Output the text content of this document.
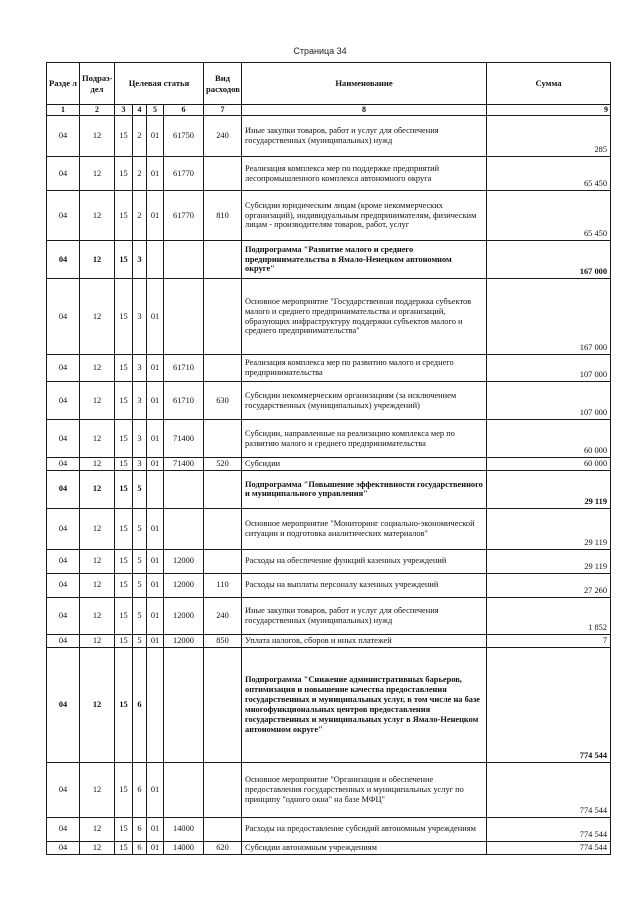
Страница 34
Разде л	Подраз- дел	Целевая статья				Вид расходов	Наименование	Сумма
1	2	3	4	5	6	7	8	9
04	12	15	2	01	61750	240	Иные закупки товаров, работ и услуг для обеспечения государственных (муниципальных) нужд	285
04	12	15	2	01	61770		Реализация комплекса мер по поддержке предприятий лесопромышленного комплекса автономного округа	65 450
04	12	15	2	01	61770	810	Субсидии юридическим лицам (кроме некоммерческих организаций), индивидуальным предпринимателям, физическим лицам - производителям товаров, работ, услуг	65 450
04	12	15	3				Подпрограмма "Развитие малого и среднего предпринимательства в Ямало-Ненецком автономном округе"	167 000
04	12	15	3	01			Основное мероприятие "Государственная поддержка субъектов малого и среднего предпринимательства и организаций, образующих инфраструктуру поддержки субъектов малого и среднего предпринимательства"	167 000
04	12	15	3	01	61710		Реализация комплекса мер по развитию малого и среднего предпринимательства	107 000
04	12	15	3	01	61710	630	Субсидии некоммерческим организациям (за исключением государственных (муниципальных) учреждений)	107 000
04	12	15	3	01	71400		Субсидии, направленные на реализацию комплекса мер по развитию малого и среднего предпринимательства	60 000
04	12	15	3	01	71400	520	Субсидии	60 000
04	12	15	5				Подпрограмма "Повышение эффективности государственного и муниципального управления"	29 119
04	12	15	5	01			Основное мероприятие "Мониторинг социально-экономической ситуации и подготовка аналитических материалов"	29 119
04	12	15	5	01	12000		Расходы на обеспечение функций казенных учреждений	29 119
04	12	15	5	01	12000	110	Расходы на выплаты персоналу казенных учреждений	27 260
04	12	15	5	01	12000	240	Иные закупки товаров, работ и услуг для обеспечения государственных (муниципальных) нужд	1 852
04	12	15	5	01	12000	850	Уплата налогов, сборов и иных платежей	7
04	12	15	6				Подпрограмма "Снижение административных барьеров, оптимизация и повышение качества предоставления государственных и муниципальных услуг, в том числе на базе многофункциональных центров предоставления государственных и муниципальных услуг в Ямало-Ненецком автономном округе"	774 544
04	12	15	6	01			Основное мероприятие "Организация и обеспечение предоставления государственных и муниципальных услуг по принципу "одного окна" на базе МФЦ"	774 544
04	12	15	6	01	14000		Расходы на предоставление субсидий автономным учреждениям	774 544
04	12	15	6	01	14000	620	Субсидии автономным учреждениям	774 544
